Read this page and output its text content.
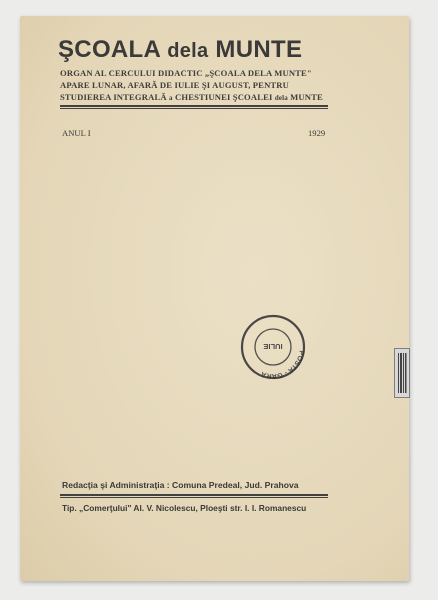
ŞCOALA dela MUNTE
ORGAN AL CERCULUI DIDACTIC „ŞCOALA DELA MUNTE"
APARE LUNAR, AFARĂ DE IULIE ŞI AUGUST, PENTRU
STUDIEREA INTEGRALĂ a CHESTIUNEI ŞCOALEI dela MUNTE
ANUL I	1929
POSTA - GARA
IULIE
Redacţia şi Administraţia : Comuna Predeal, Jud. Prahova
Tip. „Comerţului" Al. V. Nicolescu, Ploeşti str. I. I. Romanescu
